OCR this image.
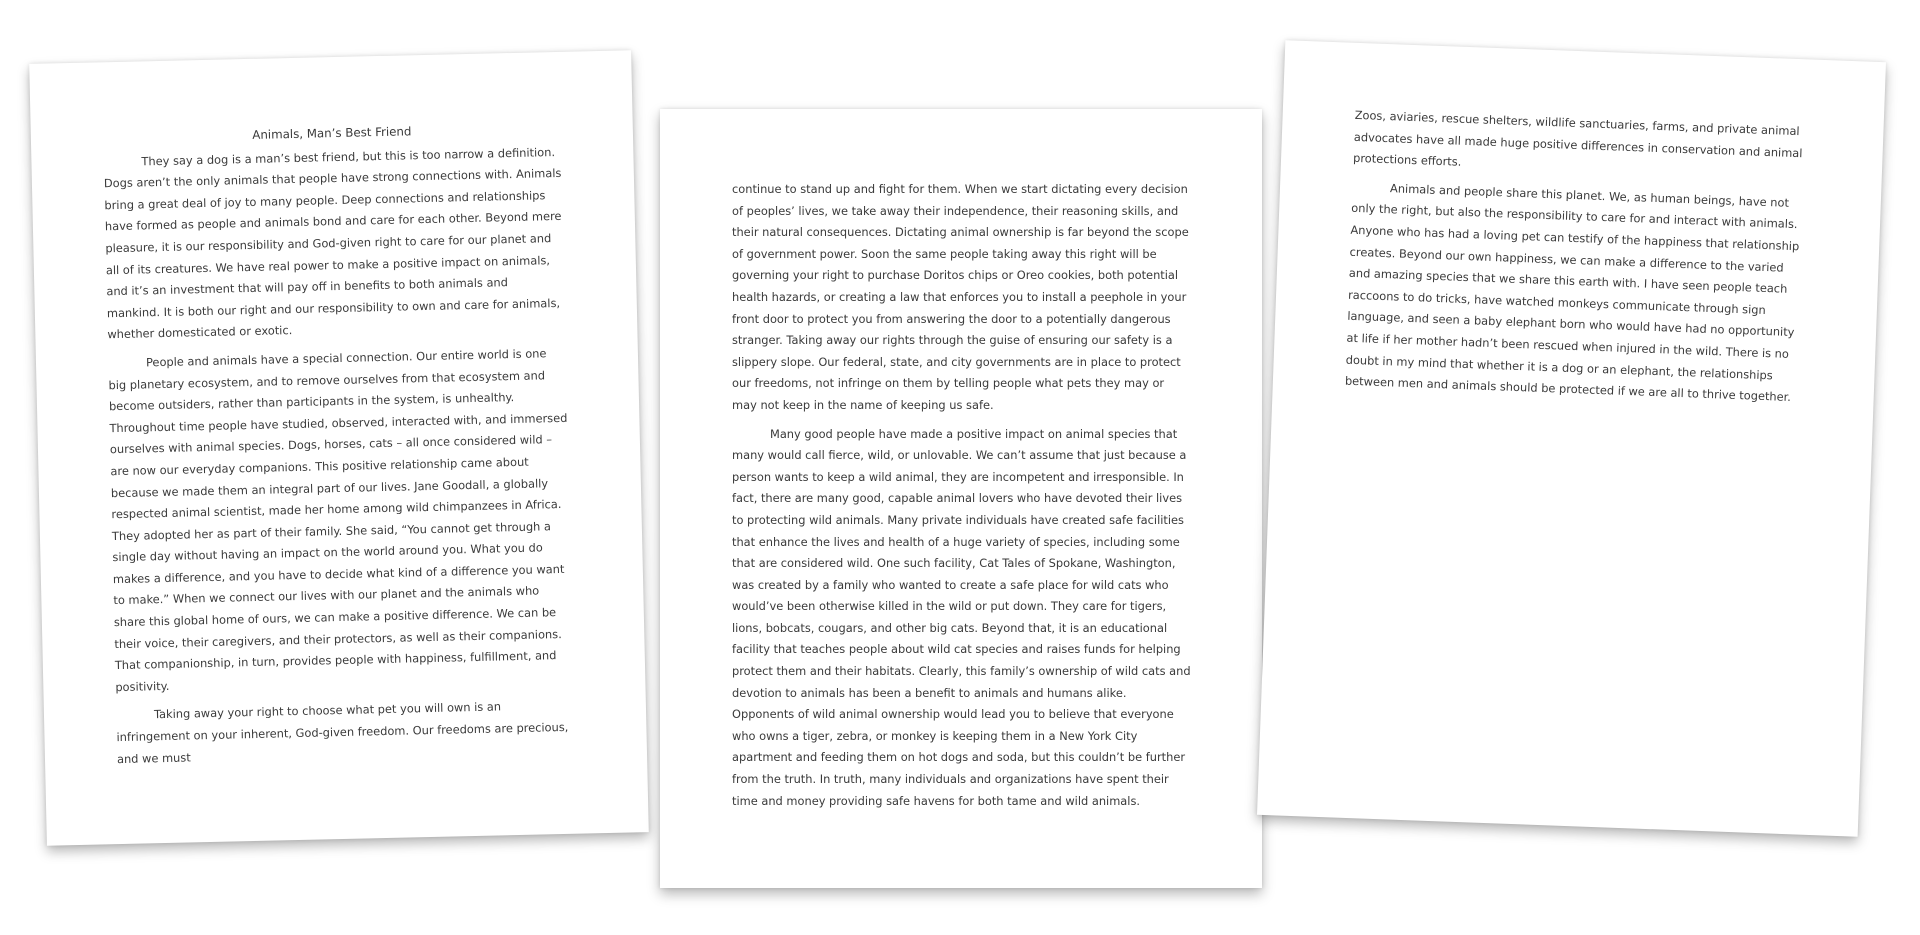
Animals, Man’s Best Friend

They say a dog is a man’s best friend, but this is too narrow a definition. Dogs aren’t the only animals that people have strong connections with. Animals bring a great deal of joy to many people. Deep connections and relationships have formed as people and animals bond and care for each other. Beyond mere pleasure, it is our responsibility and God-given right to care for our planet and all of its creatures. We have real power to make a positive impact on animals, and it’s an investment that will pay off in benefits to both animals and mankind. It is both our right and our responsibility to own and care for animals, whether domesticated or exotic.

People and animals have a special connection. Our entire world is one big planetary ecosystem, and to remove ourselves from that ecosystem and become outsiders, rather than participants in the system, is unhealthy. Throughout time people have studied, observed, interacted with, and immersed ourselves with animal species. Dogs, horses, cats – all once considered wild – are now our everyday companions. This positive relationship came about because we made them an integral part of our lives. Jane Goodall, a globally respected animal scientist, made her home among wild chimpanzees in Africa. They adopted her as part of their family. She said, “You cannot get through a single day without having an impact on the world around you. What you do makes a difference, and you have to decide what kind of a difference you want to make.” When we connect our lives with our planet and the animals who share this global home of ours, we can make a positive difference. We can be their voice, their caregivers, and their protectors, as well as their companions. That companionship, in turn, provides people with happiness, fulfillment, and positivity.

Taking away your right to choose what pet you will own is an infringement on your inherent, God-given freedom. Our freedoms are precious, and we must

continue to stand up and fight for them. When we start dictating every decision of peoples’ lives, we take away their independence, their reasoning skills, and their natural consequences. Dictating animal ownership is far beyond the scope of government power. Soon the same people taking away this right will be governing your right to purchase Doritos chips or Oreo cookies, both potential health hazards, or creating a law that enforces you to install a peephole in your front door to protect you from answering the door to a potentially dangerous stranger. Taking away our rights through the guise of ensuring our safety is a slippery slope. Our federal, state, and city governments are in place to protect our freedoms, not infringe on them by telling people what pets they may or may not keep in the name of keeping us safe.

Many good people have made a positive impact on animal species that many would call fierce, wild, or unlovable. We can’t assume that just because a person wants to keep a wild animal, they are incompetent and irresponsible. In fact, there are many good, capable animal lovers who have devoted their lives to protecting wild animals. Many private individuals have created safe facilities that enhance the lives and health of a huge variety of species, including some that are considered wild. One such facility, Cat Tales of Spokane, Washington, was created by a family who wanted to create a safe place for wild cats who would’ve been otherwise killed in the wild or put down. They care for tigers, lions, bobcats, cougars, and other big cats. Beyond that, it is an educational facility that teaches people about wild cat species and raises funds for helping protect them and their habitats. Clearly, this family’s ownership of wild cats and devotion to animals has been a benefit to animals and humans alike. Opponents of wild animal ownership would lead you to believe that everyone who owns a tiger, zebra, or monkey is keeping them in a New York City apartment and feeding them on hot dogs and soda, but this couldn’t be further from the truth. In truth, many individuals and organizations have spent their time and money providing safe havens for both tame and wild animals.

Zoos, aviaries, rescue shelters, wildlife sanctuaries, farms, and private animal advocates have all made huge positive differences in conservation and animal protections efforts.

Animals and people share this planet. We, as human beings, have not only the right, but also the responsibility to care for and interact with animals. Anyone who has had a loving pet can testify of the happiness that relationship creates. Beyond our own happiness, we can make a difference to the varied and amazing species that we share this earth with. I have seen people teach raccoons to do tricks, have watched monkeys communicate through sign language, and seen a baby elephant born who would have had no opportunity at life if her mother hadn’t been rescued when injured in the wild. There is no doubt in my mind that whether it is a dog or an elephant, the relationships between men and animals should be protected if we are all to thrive together.
